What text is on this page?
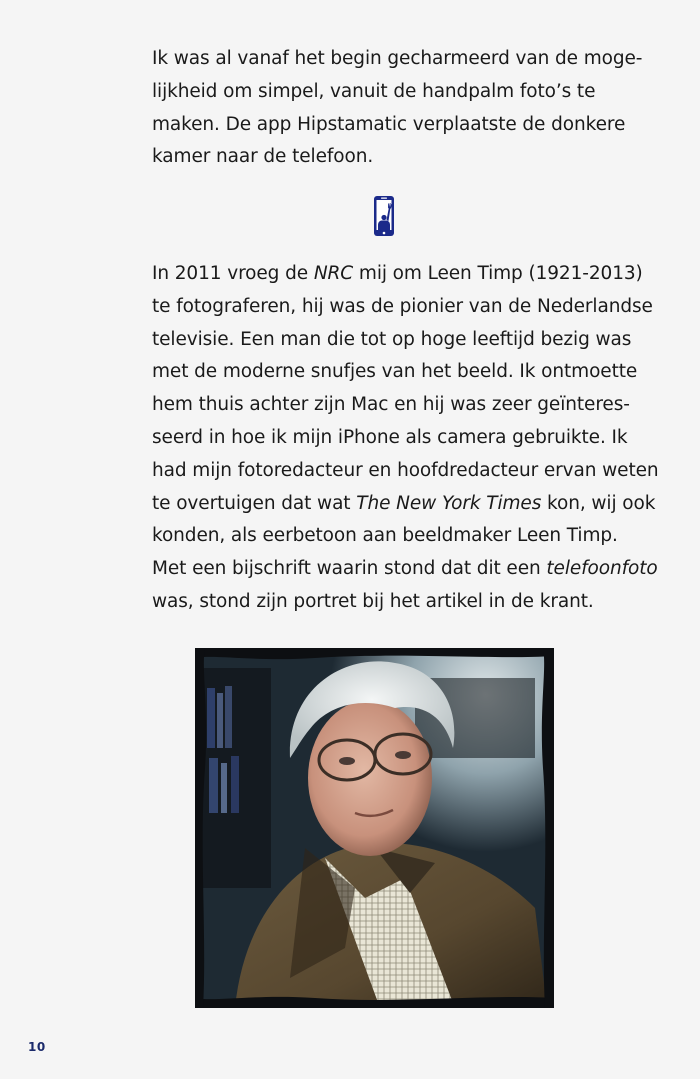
Ik was al vanaf het begin gecharmeerd van de moge-
lijkheid om simpel, vanuit de handpalm foto’s te
maken. De app Hipstamatic verplaatste de donkere
kamer naar de telefoon.
In 2011 vroeg de NRC mij om Leen Timp (1921-2013)
te fotograferen, hij was de pionier van de Nederlandse
televisie. Een man die tot op hoge leeftijd bezig was
met de moderne snufjes van het beeld. Ik ontmoette
hem thuis achter zijn Mac en hij was zeer geïnteres-
seerd in hoe ik mijn iPhone als camera gebruikte. Ik
had mijn fotoredacteur en hoofdredacteur ervan weten
te overtuigen dat wat The New York Times kon, wij ook
konden, als eerbetoon aan beeldmaker Leen Timp.
Met een bijschrift waarin stond dat dit een telefoonfoto
was, stond zijn portret bij het artikel in de krant.
10
